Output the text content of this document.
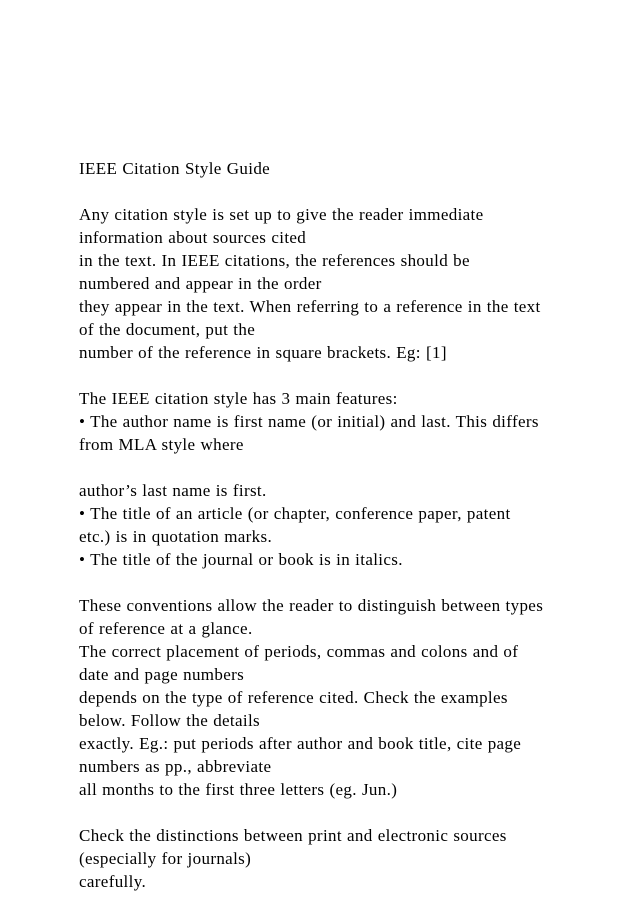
IEEE Citation Style Guide
Any citation style is set up to give the reader immediate
information about sources cited
in the text. In IEEE citations, the references should be
numbered and appear in the order
they appear in the text. When referring to a reference in the text
of the document, put the
number of the reference in square brackets. Eg: [1]
The IEEE citation style has 3 main features:
• The author name is first name (or initial) and last. This differs
from MLA style where
author’s last name is first.
• The title of an article (or chapter, conference paper, patent
etc.) is in quotation marks.
• The title of the journal or book is in italics.
These conventions allow the reader to distinguish between types
of reference at a glance.
The correct placement of periods, commas and colons and of
date and page numbers
depends on the type of reference cited. Check the examples
below. Follow the details
exactly. Eg.: put periods after author and book title, cite page
numbers as pp., abbreviate
all months to the first three letters (eg. Jun.)
Check the distinctions between print and electronic sources
(especially for journals)
carefully.
